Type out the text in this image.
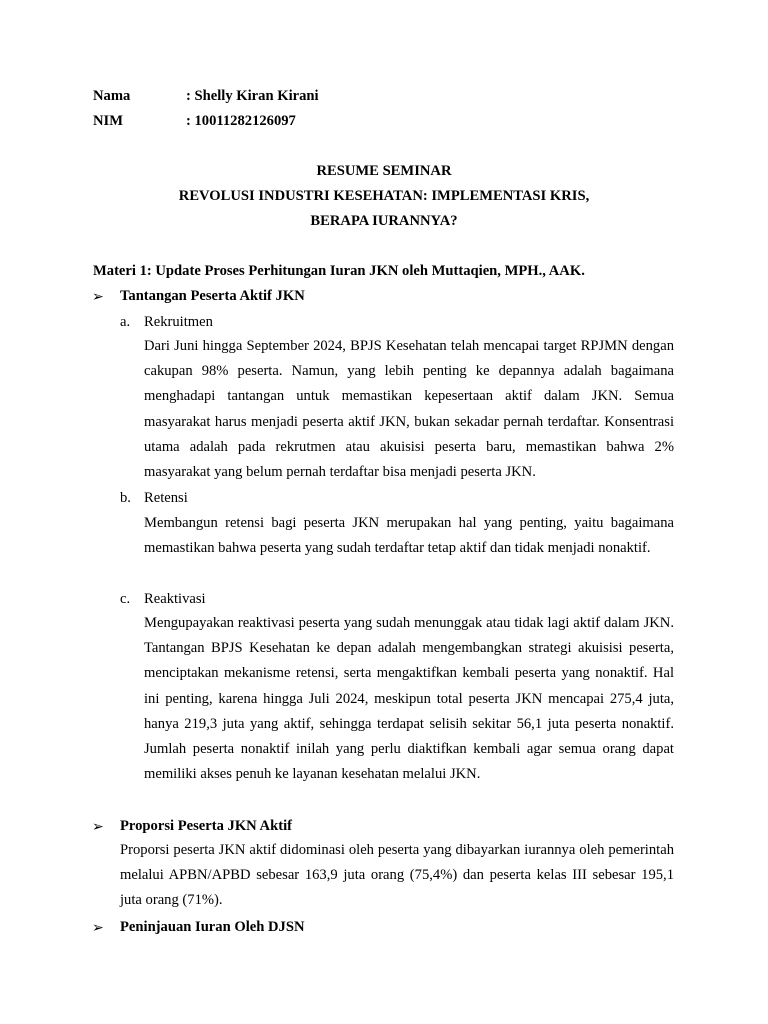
Nama	: Shelly Kiran Kirani
NIM	: 10011282126097
RESUME SEMINAR
REVOLUSI INDUSTRI KESEHATAN: IMPLEMENTASI KRIS,
BERAPA IURANNYA?
Materi 1: Update Proses Perhitungan Iuran JKN oleh Muttaqien, MPH., AAK.
➢ Tantangan Peserta Aktif JKN
a. Rekruitmen
Dari Juni hingga September 2024, BPJS Kesehatan telah mencapai target RPJMN dengan cakupan 98% peserta. Namun, yang lebih penting ke depannya adalah bagaimana menghadapi tantangan untuk memastikan kepesertaan aktif dalam JKN. Semua masyarakat harus menjadi peserta aktif JKN, bukan sekadar pernah terdaftar. Konsentrasi utama adalah pada rekrutmen atau akuisisi peserta baru, memastikan bahwa 2% masyarakat yang belum pernah terdaftar bisa menjadi peserta JKN.
b. Retensi
Membangun retensi bagi peserta JKN merupakan hal yang penting, yaitu bagaimana memastikan bahwa peserta yang sudah terdaftar tetap aktif dan tidak menjadi nonaktif.
c. Reaktivasi
Mengupayakan reaktivasi peserta yang sudah menunggak atau tidak lagi aktif dalam JKN. Tantangan BPJS Kesehatan ke depan adalah mengembangkan strategi akuisisi peserta, menciptakan mekanisme retensi, serta mengaktifkan kembali peserta yang nonaktif. Hal ini penting, karena hingga Juli 2024, meskipun total peserta JKN mencapai 275,4 juta, hanya 219,3 juta yang aktif, sehingga terdapat selisih sekitar 56,1 juta peserta nonaktif. Jumlah peserta nonaktif inilah yang perlu diaktifkan kembali agar semua orang dapat memiliki akses penuh ke layanan kesehatan melalui JKN.
➢ Proporsi Peserta JKN Aktif
Proporsi peserta JKN aktif didominasi oleh peserta yang dibayarkan iurannya oleh pemerintah melalui APBN/APBD sebesar 163,9 juta orang (75,4%) dan peserta kelas III sebesar 195,1 juta orang (71%).
➢ Peninjauan Iuran Oleh DJSN
